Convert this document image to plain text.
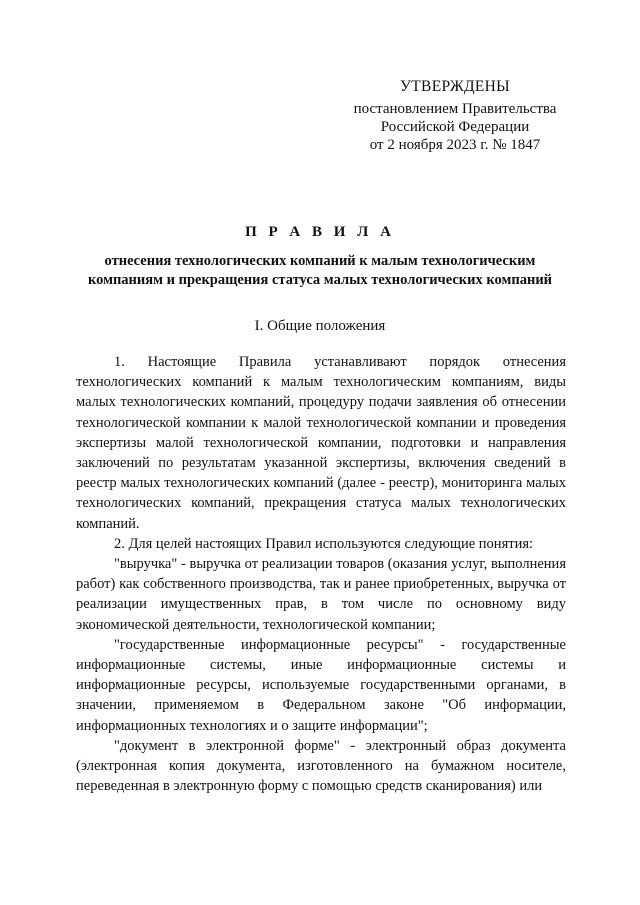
УТВЕРЖДЕНЫ
постановлением Правительства
Российской Федерации
от 2 ноября 2023 г. № 1847
П Р А В И Л А
отнесения технологических компаний к малым технологическим
компаниям и прекращения статуса малых технологических компаний
I. Общие положения

1. Настоящие Правила устанавливают порядок отнесения технологических компаний к малым технологическим компаниям, виды малых технологических компаний, процедуру подачи заявления об отнесении технологической компании к малой технологической компании и проведения экспертизы малой технологической компании, подготовки и направления заключений по результатам указанной экспертизы, включения сведений в реестр малых технологических компаний (далее - реестр), мониторинга малых технологических компаний, прекращения статуса малых технологических компаний.

2. Для целей настоящих Правил используются следующие понятия:

"выручка" - выручка от реализации товаров (оказания услуг, выполнения работ) как собственного производства, так и ранее приобретенных, выручка от реализации имущественных прав, в том числе по основному виду экономической деятельности, технологической компании;

"государственные информационные ресурсы" - государственные информационные системы, иные информационные системы и информационные ресурсы, используемые государственными органами, в значении, применяемом в Федеральном законе "Об информации, информационных технологиях и о защите информации";

"документ в электронной форме" - электронный образ документа (электронная копия документа, изготовленного на бумажном носителе, переведенная в электронную форму с помощью средств сканирования) или
